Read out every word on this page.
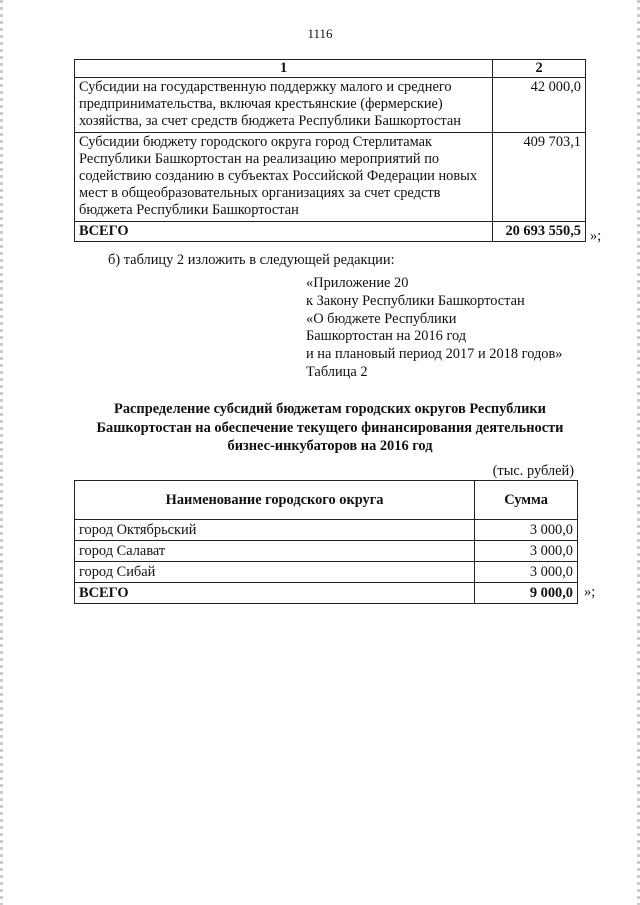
1116
1	2
Субсидии на государственную поддержку малого и среднего предпринимательства, включая крестьянские (фермерские) хозяйства, за счет средств бюджета Республики Башкортостан	42 000,0
Субсидии бюджету городского округа город Стерлитамак Республики Башкортостан на реализацию мероприятий по содействию созданию в субъектах Российской Федерации новых мест в общеобразовательных организациях за счет средств бюджета Республики Башкортостан	409 703,1
ВСЕГО	20 693 550,5 »;
б) таблицу 2 изложить в следующей редакции:
«Приложение 20
к Закону Республики Башкортостан
«О бюджете Республики
Башкортостан на 2016 год
и на плановый период 2017 и 2018 годов»
Таблица 2
Распределение субсидий бюджетам городских округов Республики
Башкортостан на обеспечение текущего финансирования деятельности
бизнес-инкубаторов на 2016 год
(тыс. рублей)
Наименование городского округа	Сумма
город Октябрьский	3 000,0
город Салават	3 000,0
город Сибай	3 000,0
ВСЕГО	9 000,0 »;
